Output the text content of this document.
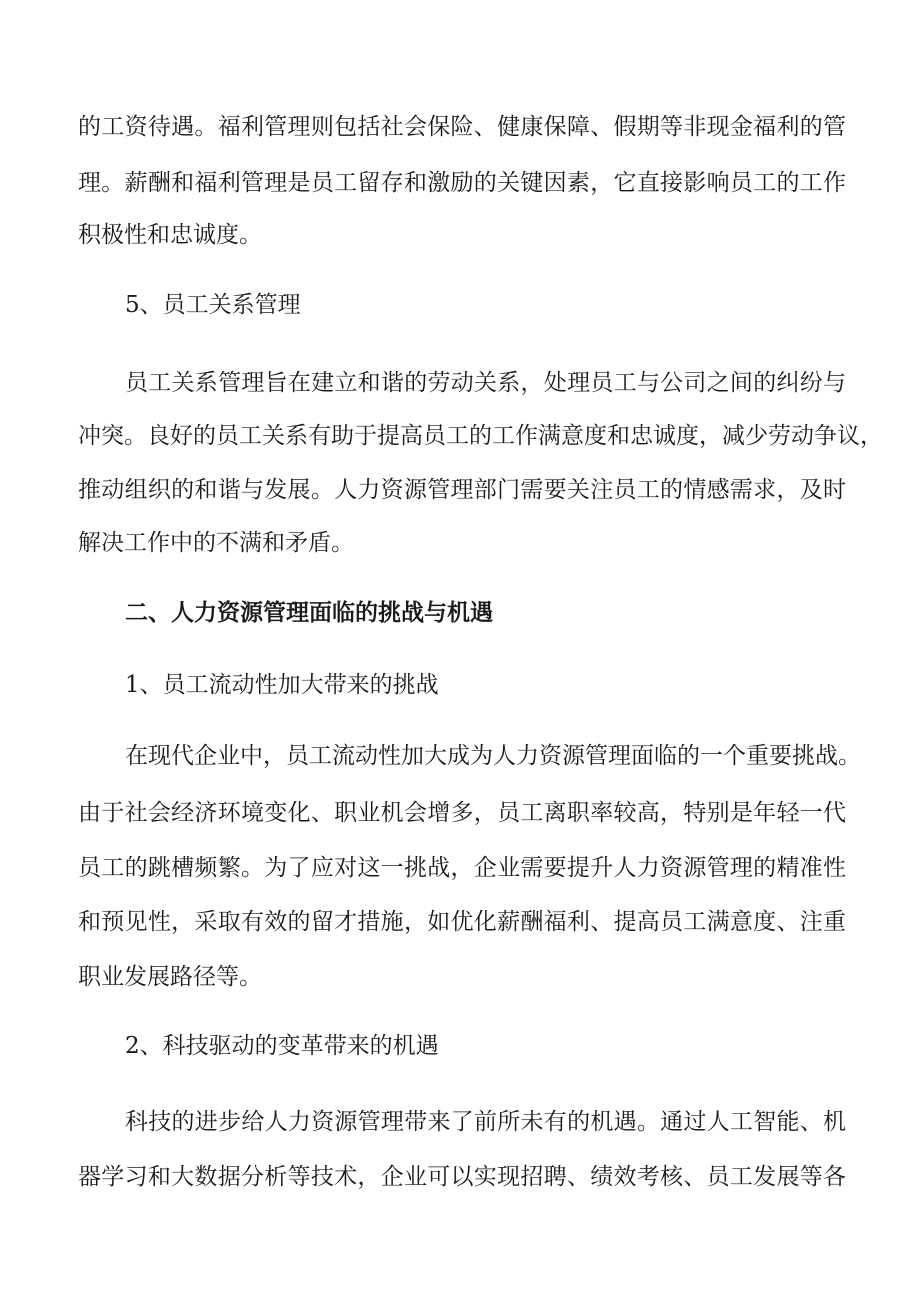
的工资待遇。福利管理则包括社会保险、健康保障、假期等非现金福利的管
理。薪酬和福利管理是员工留存和激励的关键因素，它直接影响员工的工作
积极性和忠诚度。
5、员工关系管理
员工关系管理旨在建立和谐的劳动关系，处理员工与公司之间的纠纷与
冲突。良好的员工关系有助于提高员工的工作满意度和忠诚度，减少劳动争议，
推动组织的和谐与发展。人力资源管理部门需要关注员工的情感需求，及时
解决工作中的不满和矛盾。
二、人力资源管理面临的挑战与机遇
1、员工流动性加大带来的挑战
在现代企业中，员工流动性加大成为人力资源管理面临的一个重要挑战。
由于社会经济环境变化、职业机会增多，员工离职率较高，特别是年轻一代
员工的跳槽频繁。为了应对这一挑战，企业需要提升人力资源管理的精准性
和预见性，采取有效的留才措施，如优化薪酬福利、提高员工满意度、注重
职业发展路径等。
2、科技驱动的变革带来的机遇
科技的进步给人力资源管理带来了前所未有的机遇。通过人工智能、机
器学习和大数据分析等技术，企业可以实现招聘、绩效考核、员工发展等各
